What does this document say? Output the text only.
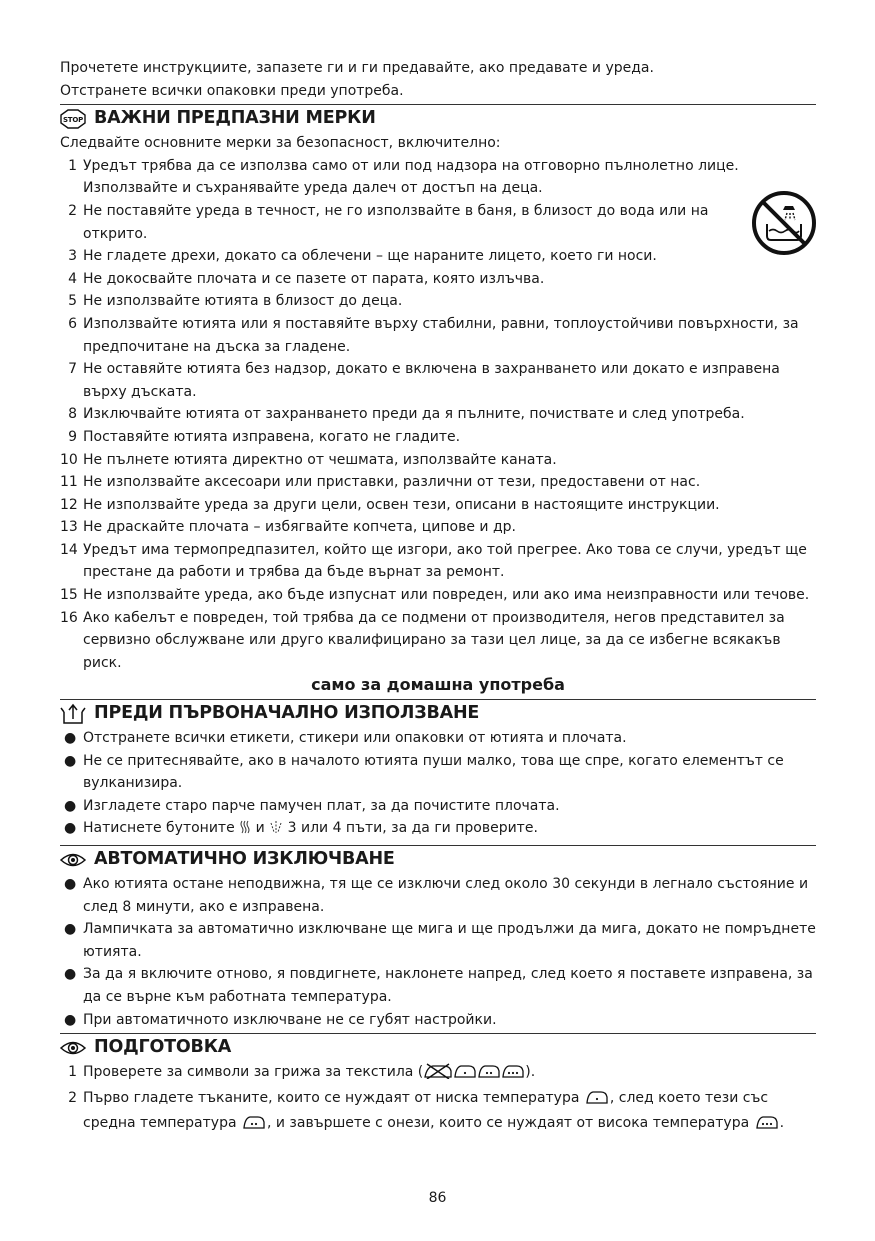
Прочетете инструкциите, запазете ги и ги предавайте, ако предавате и уреда.

Отстранете всички опаковки преди употреба.

STOP ВАЖНИ ПРЕДПАЗНИ МЕРКИ

Следвайте основните мерки за безопасност, включително:

1 Уредът трябва да се използва само от или под надзора на отговорно пълнолетно лице. Използвайте и съхранявайте уреда далеч от достъп на деца.
2 Не поставяйте уреда в течност, не го използвайте в баня, в близост до вода или на открито.
3 Не гладете дрехи, докато са облечени – ще нараните лицето, което ги носи.
4 Не докосвайте плочата и се пазете от парата, която излъчва.
5 Не използвайте ютията в близост до деца.
6 Използвайте ютията или я поставяйте върху стабилни, равни, топлоустойчиви повърхности, за предпочитане на дъска за гладене.
7 Не оставяйте ютията без надзор, докато е включена в захранването или докато е изправена върху дъската.
8 Изключвайте ютията от захранването преди да я пълните, почиствате и след употреба.
9 Поставяйте ютията изправена, когато не гладите.
10 Не пълнете ютията директно от чешмата, използвайте каната.
11 Не използвайте аксесоари или приставки, различни от тези, предоставени от нас.
12 Не използвайте уреда за други цели, освен тези, описани в настоящите инструкции.
13 Не драскайте плочата – избягвайте копчета, ципове и др.
14 Уредът има термопредпазител, който ще изгори, ако той прегрее. Ако това се случи, уредът ще престане да работи и трябва да бъде върнат за ремонт.
15 Не използвайте уреда, ако бъде изпуснат или повреден, или ако има неизправности или течове.
16 Ако кабелът е повреден, той трябва да се подмени от производителя, негов представител за сервизно обслужване или друго квалифицирано за тази цел лице, за да се избегне всякакъв риск.

само за домашна употреба

ПРЕДИ ПЪРВОНАЧАЛНО ИЗПОЛЗВАНЕ
● Отстранете всички етикети, стикери или опаковки от ютията и плочата.
● Не се притеснявайте, ако в началото ютията пуши малко, това ще спре, когато елементът се вулканизира.
● Изгладете старо парче памучен плат, за да почистите плочата.
● Натиснете бутоните и 3 или 4 пъти, за да ги проверите.
АВТОМАТИЧНО ИЗКЛЮЧВАНЕ
● Ако ютията остане неподвижна, тя ще се изключи след около 30 секунди в легнало състояние и след 8 минути, ако е изправена.
● Лампичката за автоматично изключване ще мига и ще продължи да мига, докато не помръднете ютията.
● За да я включите отново, я повдигнете, наклонете напред, след което я поставете изправена, за да се върне към работната температура.
● При автоматичното изключване не се губят настройки.
ПОДГОТОВКА
1 Проверете за символи за грижа за текстила (	).
2 Първо гладете тъканите, които се нуждаят от ниска температура , след което тези със средна температура , и завършете с онези, които се нуждаят от висока температура .
86
